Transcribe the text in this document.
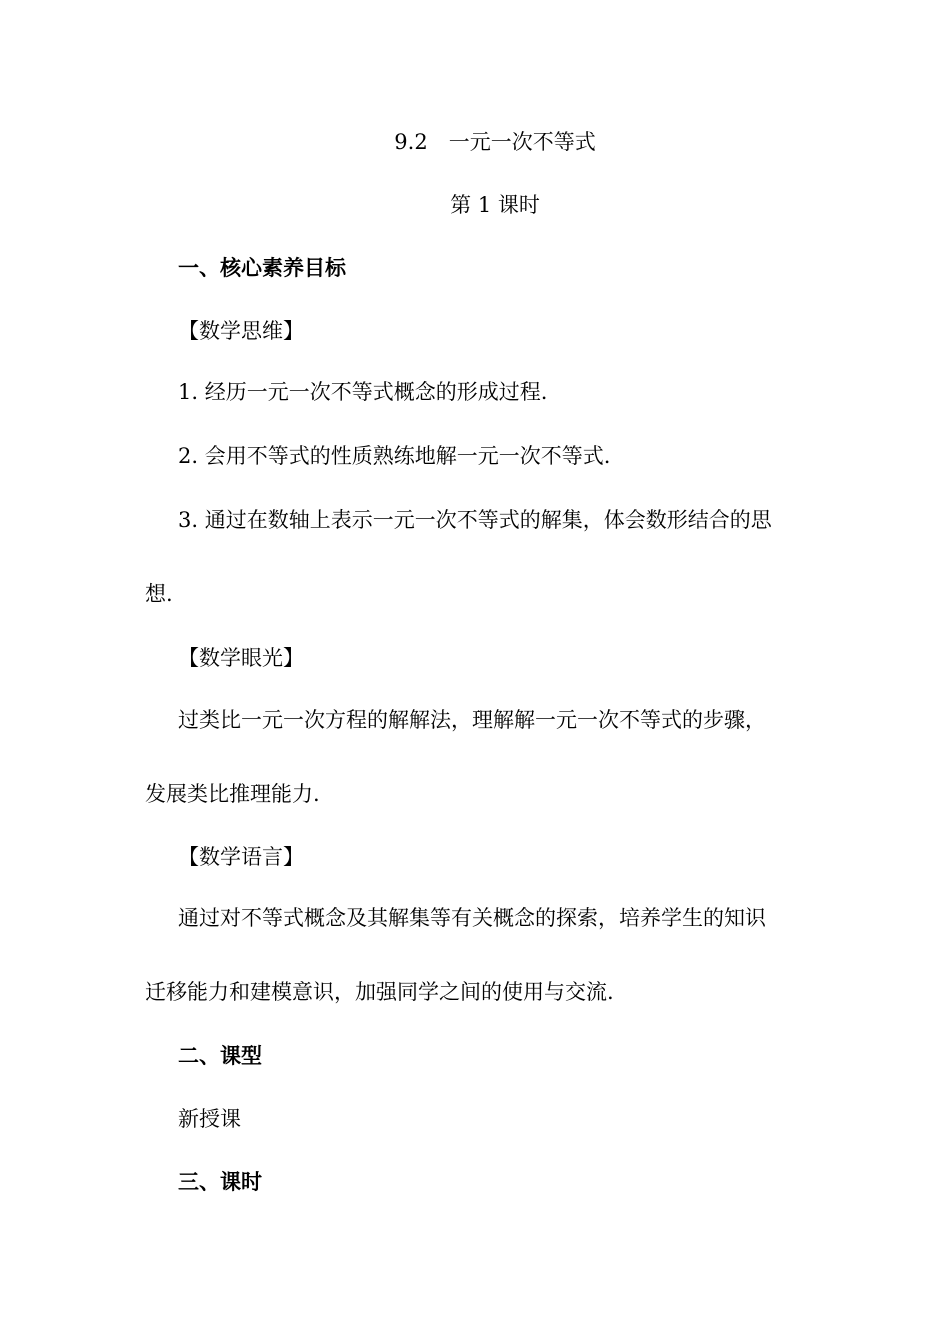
9.2　一元一次不等式
第 1 课时
一、核心素养目标
【数学思维】
1. 经历一元一次不等式概念的形成过程.
2. 会用不等式的性质熟练地解一元一次不等式.
3. 通过在数轴上表示一元一次不等式的解集，体会数形结合的思
想.
【数学眼光】
过类比一元一次方程的解解法，理解解一元一次不等式的步骤，
发展类比推理能力.
【数学语言】
通过对不等式概念及其解集等有关概念的探索，培养学生的知识
迁移能力和建模意识，加强同学之间的使用与交流.
二、课型
新授课
三、课时
